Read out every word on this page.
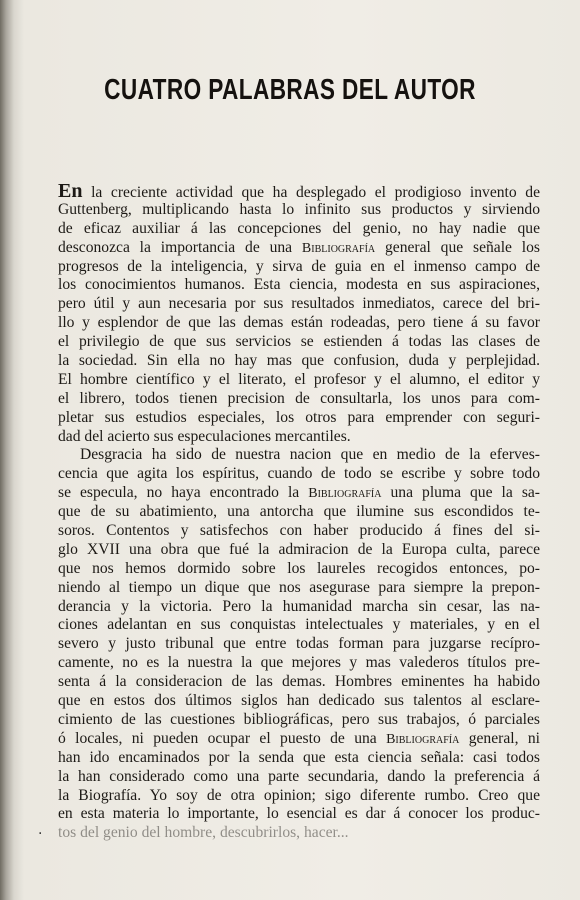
CUATRO PALABRAS DEL AUTOR
En la creciente actividad que ha desplegado el prodigioso invento de
Guttenberg, multiplicando hasta lo infinito sus productos y sirviendo
de eficaz auxiliar á las concepciones del genio, no hay nadie que
desconozca la importancia de una Bibliografía general que señale los
progresos de la inteligencia, y sirva de guia en el inmenso campo de
los conocimientos humanos. Esta ciencia, modesta en sus aspiraciones,
pero útil y aun necesaria por sus resultados inmediatos, carece del bri-
llo y esplendor de que las demas están rodeadas, pero tiene á su favor
el privilegio de que sus servicios se estienden á todas las clases de
la sociedad. Sin ella no hay mas que confusion, duda y perplejidad.
El hombre científico y el literato, el profesor y el alumno, el editor y
el librero, todos tienen precision de consultarla, los unos para com-
pletar sus estudios especiales, los otros para emprender con seguri-
dad del acierto sus especulaciones mercantiles.
Desgracia ha sido de nuestra nacion que en medio de la eferves-
cencia que agita los espíritus, cuando de todo se escribe y sobre todo
se especula, no haya encontrado la Bibliografía una pluma que la sa-
que de su abatimiento, una antorcha que ilumine sus escondidos te-
soros. Contentos y satisfechos con haber producido á fines del si-
glo XVII una obra que fué la admiracion de la Europa culta, parece
que nos hemos dormido sobre los laureles recogidos entonces, po-
niendo al tiempo un dique que nos asegurase para siempre la prepon-
derancia y la victoria. Pero la humanidad marcha sin cesar, las na-
ciones adelantan en sus conquistas intelectuales y materiales, y en el
severo y justo tribunal que entre todas forman para juzgarse recípro-
camente, no es la nuestra la que mejores y mas valederos títulos pre-
senta á la consideracion de las demas. Hombres eminentes ha habido
que en estos dos últimos siglos han dedicado sus talentos al esclare-
cimiento de las cuestiones bibliográficas, pero sus trabajos, ó parciales
ó locales, ni pueden ocupar el puesto de una Bibliografía general, ni
han ido encaminados por la senda que esta ciencia señala: casi todos
la han considerado como una parte secundaria, dando la preferencia á
la Biografía. Yo soy de otra opinion; sigo diferente rumbo. Creo que
en esta materia lo importante, lo esencial es dar á conocer los produc-
tos del genio del hombre, descubrirlos, hacer...
.
